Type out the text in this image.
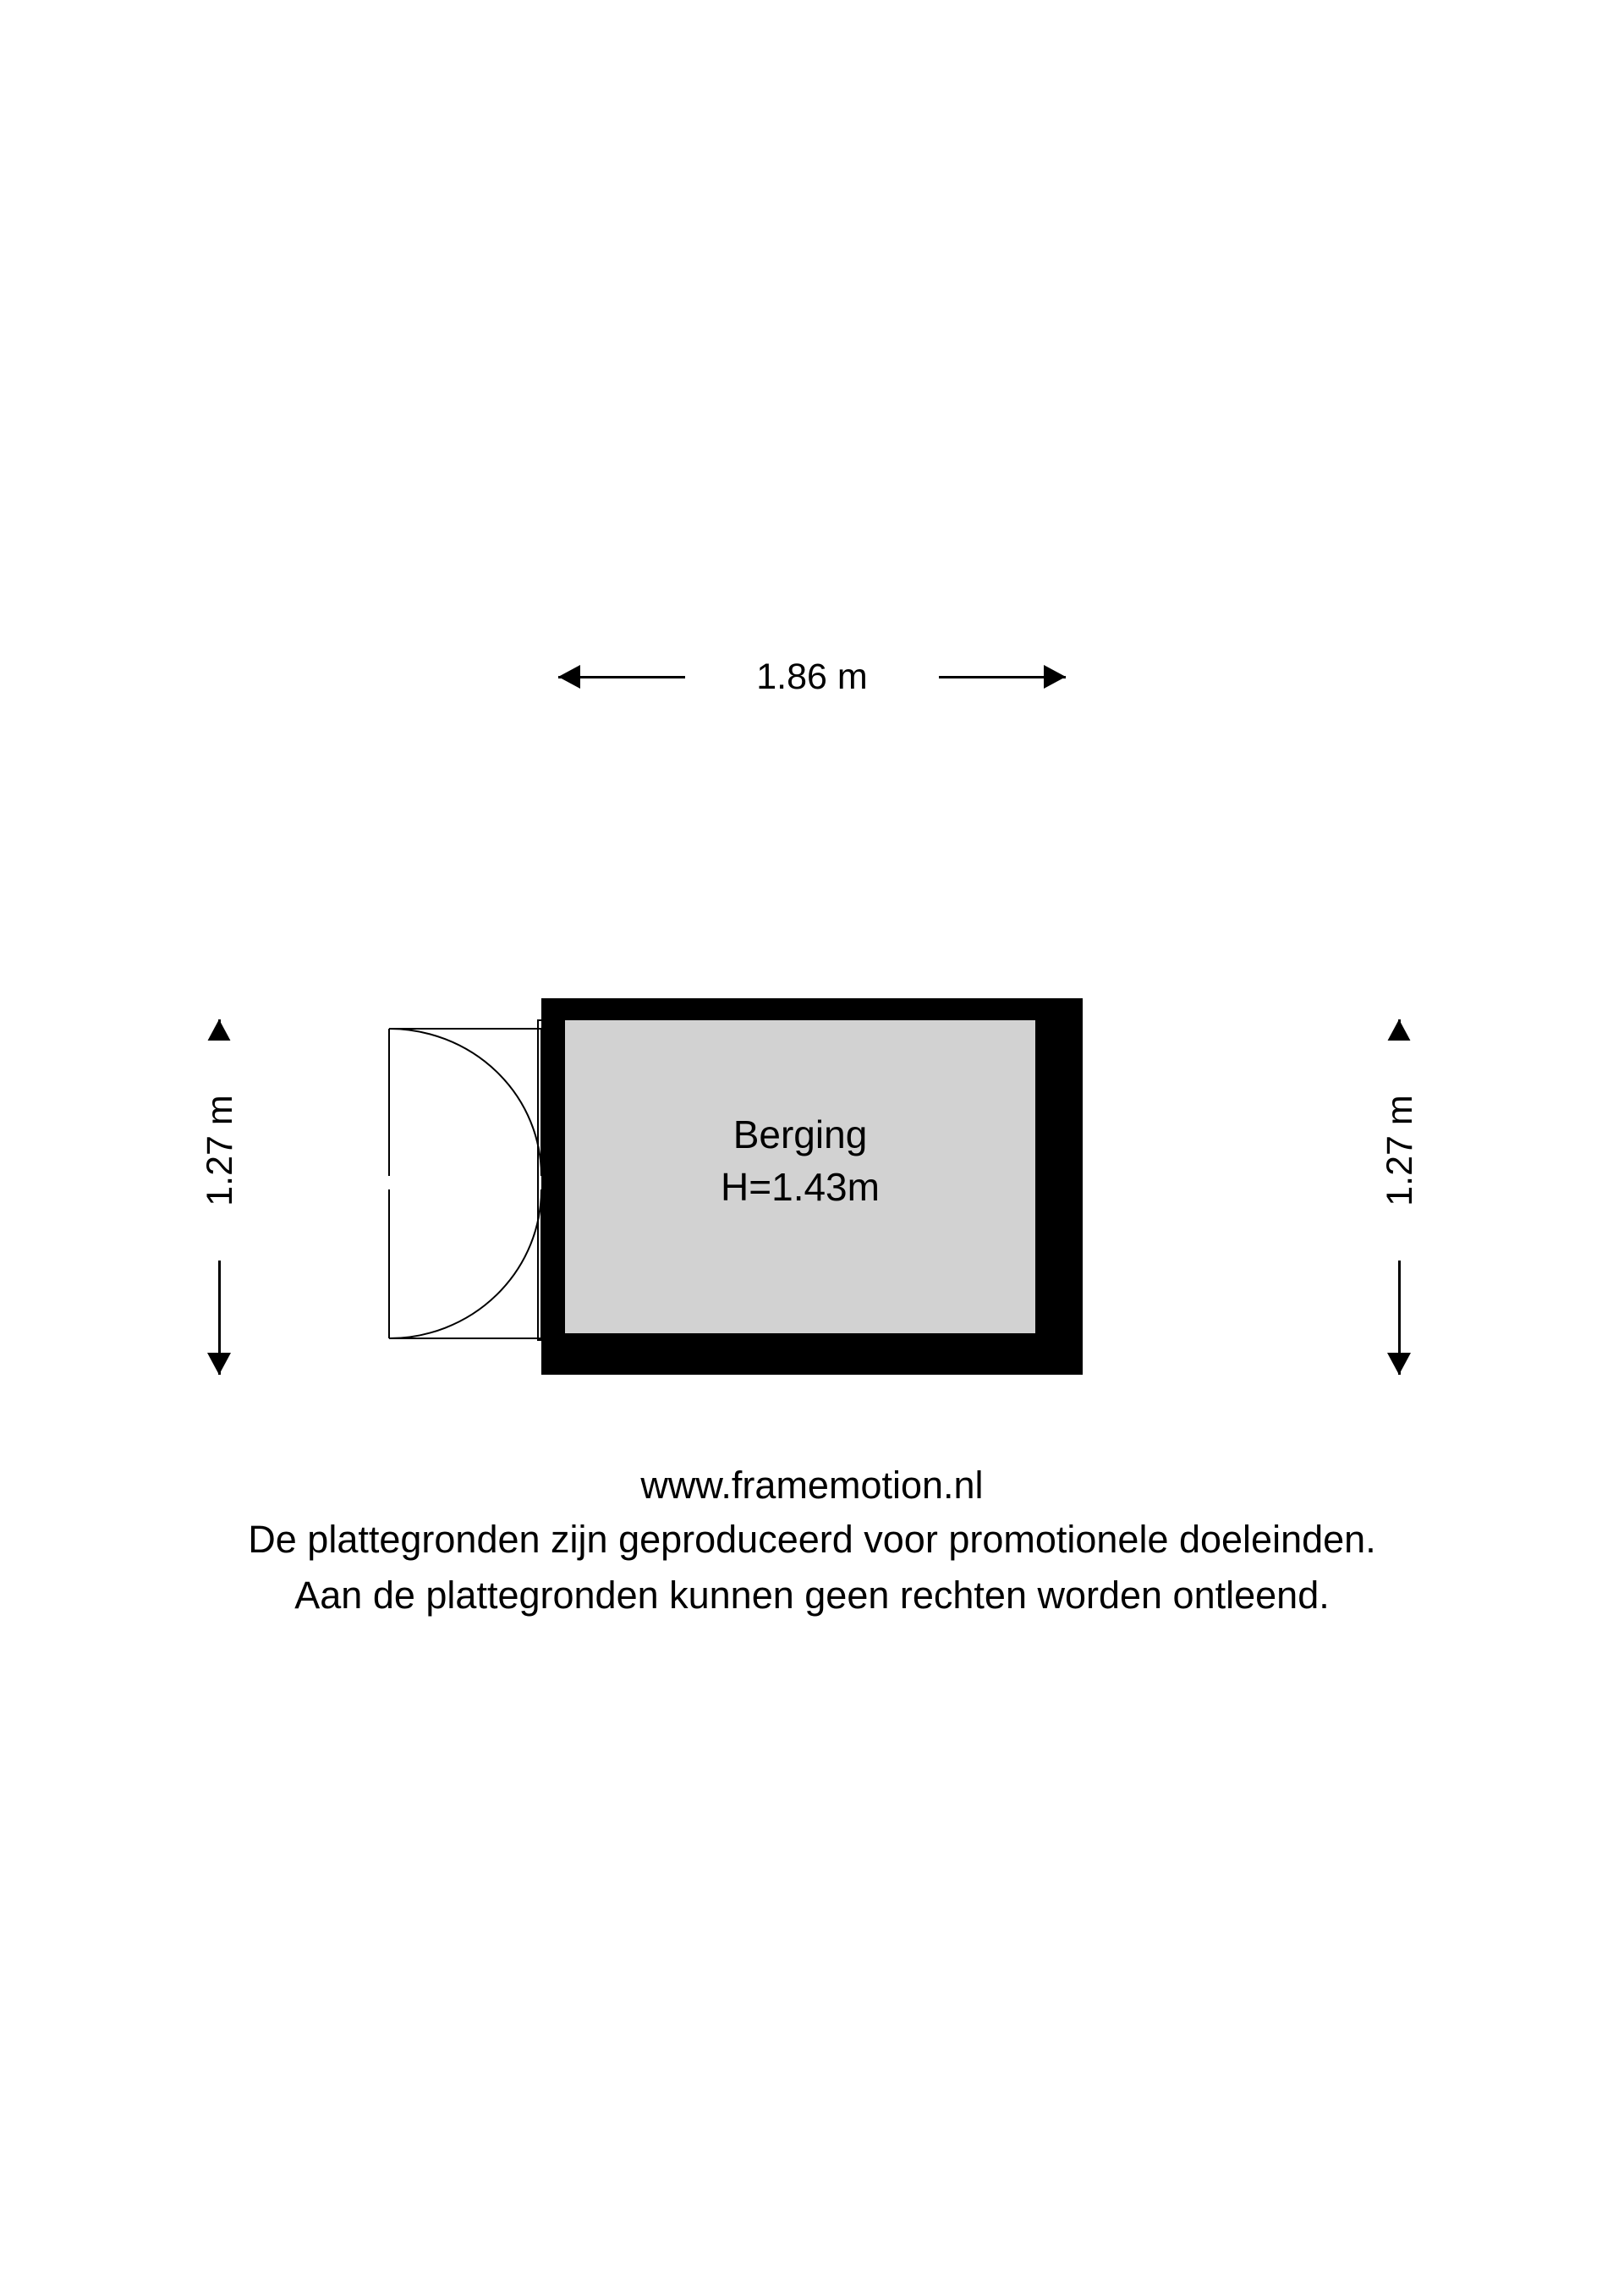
1.86 m
1.27 m	1.27 m
Berging
H=1.43m
www.framemotion.nl
De plattegronden zijn geproduceerd voor promotionele doeleinden.
Aan de plattegronden kunnen geen rechten worden ontleend.
